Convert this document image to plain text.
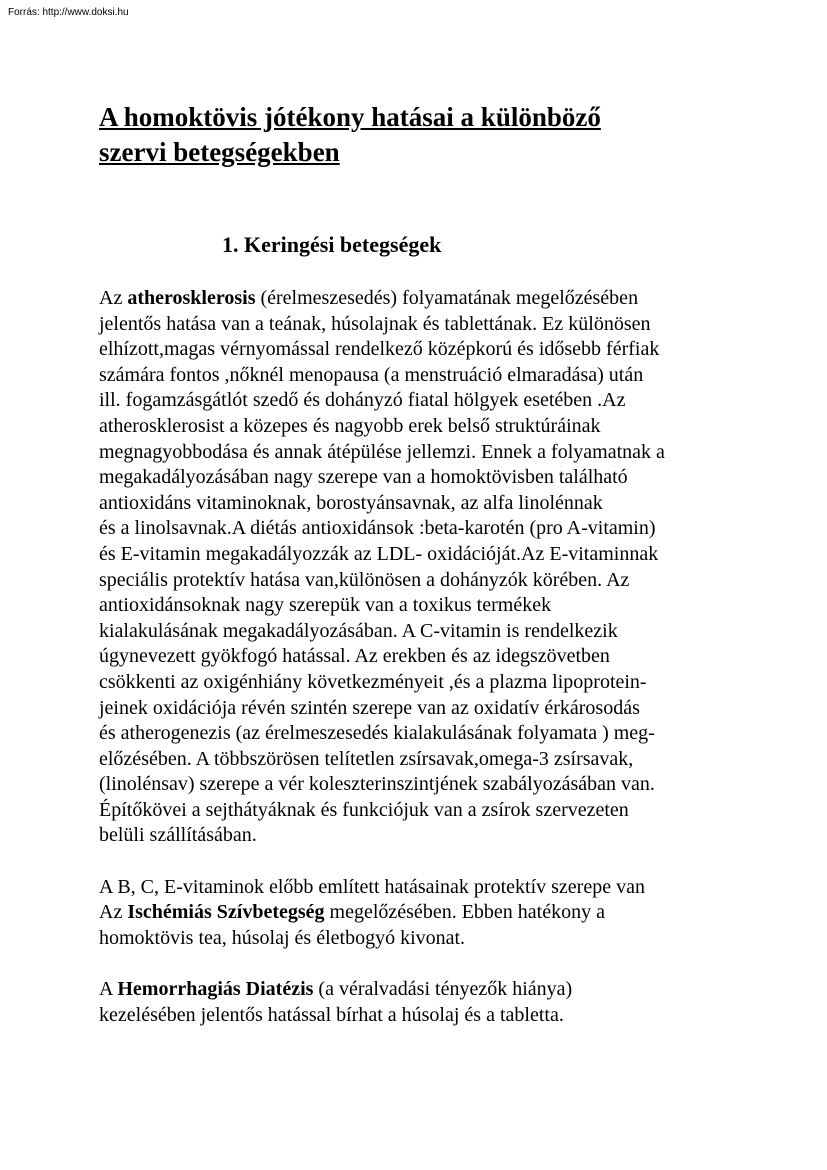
Forrás: http://www.doksi.hu
A homoktövis jótékony hatásai a különböző
szervi betegségekben
1. Keringési betegségek
Az atherosklerosis (érelmeszesedés) folyamatának megelőzésében
jelentős hatása van a teának, húsolajnak és tablettának. Ez különösen
elhízott,magas vérnyomással rendelkező középkorú és idősebb férfiak
számára fontos ,nőknél menopausa (a menstruáció elmaradása) után
ill. fogamzásgátlót szedő és dohányzó fiatal hölgyek esetében .Az
atherosklerosist a közepes és nagyobb erek belső struktúráinak
megnagyobbodása és annak átépülése jellemzi. Ennek a folyamatnak a
megakadályozásában nagy szerepe van a homoktövisben található
antioxidáns vitaminoknak, borostyánsavnak, az alfa linolénnak
és a linolsavnak.A diétás antioxidánsok :beta-karotén (pro A-vitamin)
és E-vitamin megakadályozzák az LDL- oxidációját.Az E-vitaminnak
speciális protektív hatása van,különösen a dohányzók körében. Az
antioxidánsoknak nagy szerepük van a toxikus termékek
kialakulásának megakadályozásában. A C-vitamin is rendelkezik
úgynevezett gyökfogó hatással. Az erekben és az idegszövetben
csökkenti az oxigénhiány következményeit ,és a plazma lipoprotein-
jeinek oxidációja révén szintén szerepe van az oxidatív érkárosodás
és atherogenezis (az érelmeszesedés kialakulásának folyamata ) meg-
előzésében. A többszörösen telítetlen zsírsavak,omega-3 zsírsavak,
(linolénsav) szerepe a vér koleszterinszintjének szabályozásában van.
Építőkövei a sejthátyáknak és funkciójuk van a zsírok szervezeten
belüli szállításában.
A B, C, E-vitaminok előbb említett hatásainak protektív szerepe van
Az Ischémiás Szívbetegség megelőzésében. Ebben hatékony a
homoktövis tea, húsolaj és életbogyó kivonat.
A Hemorrhagiás Diatézis (a véralvadási tényezők hiánya)
kezelésében jelentős hatással bírhat a húsolaj és a tabletta.
